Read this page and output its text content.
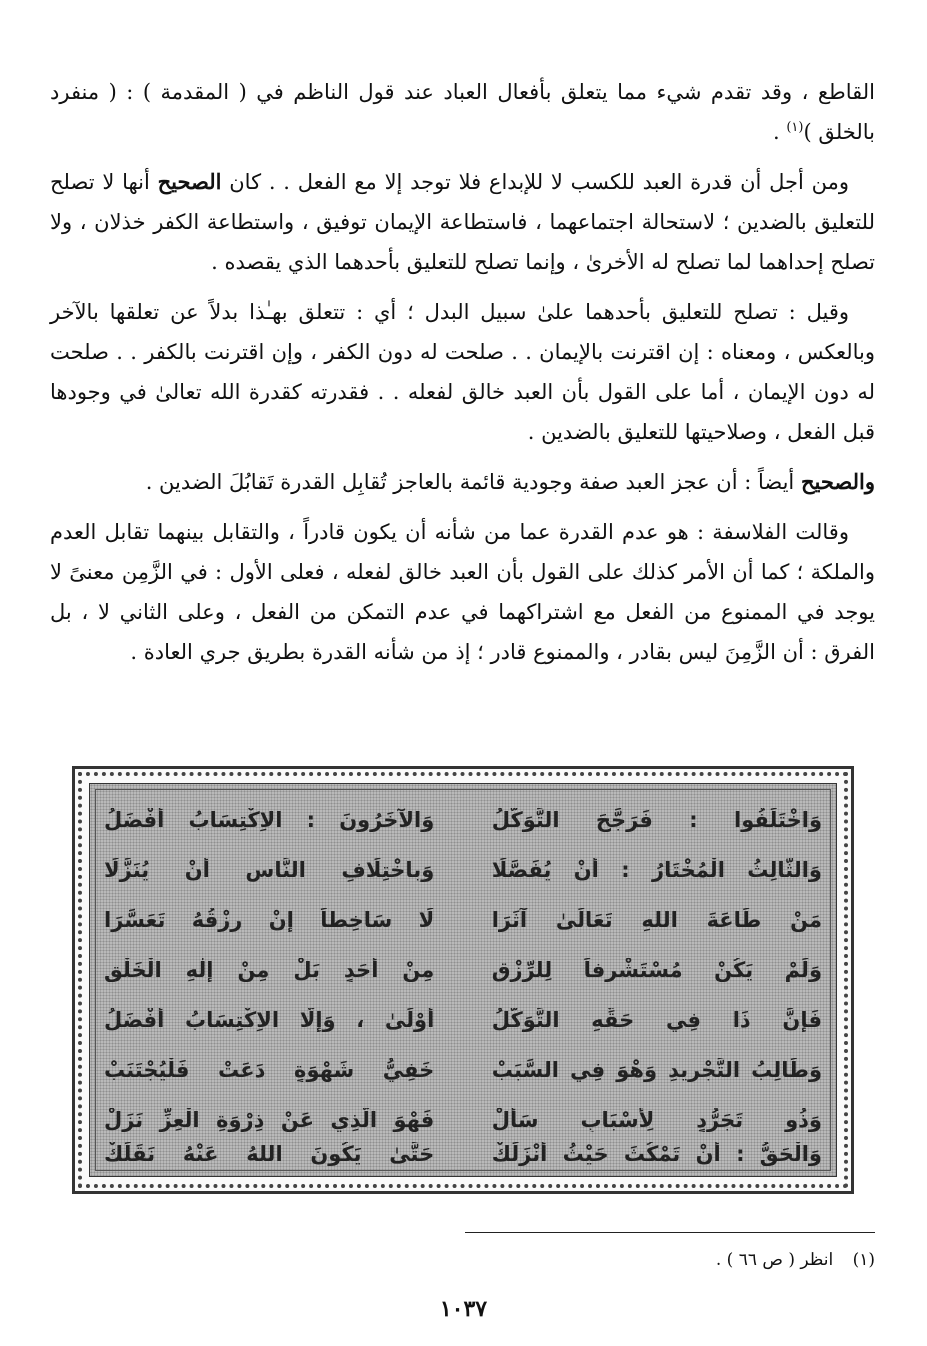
القاطع ، وقد تقدم شيء مما يتعلق بأفعال العباد عند قول الناظم في ( المقدمة ) : ( منفرد بالخلق )$^{(١)}$ .

ومن أجل أن قدرة العبد للكسب لا للإبداع فلا توجد إلا مع الفعل . . كان الصحيح أنها لا تصلح للتعليق بالضدين ؛ لاستحالة اجتماعهما ، فاستطاعة الإيمان توفيق ، واستطاعة الكفر خذلان ، ولا تصلح إحداهما لما تصلح له الأخرىٰ ، وإنما تصلح للتعليق بأحدهما الذي يقصده .

وقيل : تصلح للتعليق بأحدهما علىٰ سبيل البدل ؛ أي : تتعلق بهـٰذا بدلاً عن تعلقها بالآخر وبالعكس ، ومعناه : إن اقترنت بالإيمان . . صلحت له دون الكفر ، وإن اقترنت بالكفر . . صلحت له دون الإيمان ، أما على القول بأن العبد خالق لفعله . . فقدرته كقدرة الله تعالىٰ في وجودها قبل الفعل ، وصلاحيتها للتعليق بالضدين .

والصحيح أيضاً : أن عجز العبد صفة وجودية قائمة بالعاجز تُقابِل القدرة تَقابُلَ الضدين .

وقالت الفلاسفة : هو عدم القدرة عما من شأنه أن يكون قادراً ، والتقابل بينهما تقابل العدم والملكة ؛ كما أن الأمر كذلك على القول بأن العبد خالق لفعله ، فعلى الأول : في الزَّمِن معنىً لا يوجد في الممنوع من الفعل مع اشتراكهما في عدم التمكن من الفعل ، وعلى الثاني لا ، بل الفرق : أن الزَّمِنَ ليس بقادر ، والممنوع قادر ؛ إذ من شأنه القدرة بطريق جري العادة .

وَاخْتَلَفُوا : فَرَجَّحَ التَّوَكُّلُ
وَالآخَرُونَ : الاِكْتِسَابُ أَفْضَلُ
وَالثَّالِثُ الْمُخْتَارُ : أَنْ يُفَصَّلَا
وَبِاخْتِلَافِ النَّاسِ أَنْ يُنَزَّلَا
مَنْ طَاعَةَ اللهِ تَعَالَىٰ آثَرَا
لَا سَاخِطاً إِنْ رِزْقُهُ تَعَسَّرَا
وَلَمْ يَكُنْ مُسْتَشْرِفاً لِلرِّزْقِ
مِنْ أَحَدٍ بَلْ مِنْ إِلٰهِ الْخَلْقِ
فَإِنَّ ذَا فِي حَقِّهِ التَّوَكُّلُ
أَوْلَىٰ ، وَإِلَّا الاِكْتِسَابُ أَفْضَلُ
وَطَالِبُ التَّجْرِيدِ وَهْوَ فِي السَّبَبْ
خَفِيُّ شَهْوَةٍ دَعَتْ فَلْيُجْتَنَبْ
وَذُو تَجَرُّدٍ لِأَسْبَابٍ سَأَلْ
فَهْوَ الَّذِي عَنْ ذِرْوَةِ الْعِزِّ نَزَلْ
وَالْحَقُّ : أَنْ تَمْكُثَ حَيْثُ أَنْزَلَكْ
حَتَّىٰ يَكُونَ اللهُ عَنْهُ نَقَلَكْ
(١) انظر ( ص ٦٦ ) .
١٠٣٧
